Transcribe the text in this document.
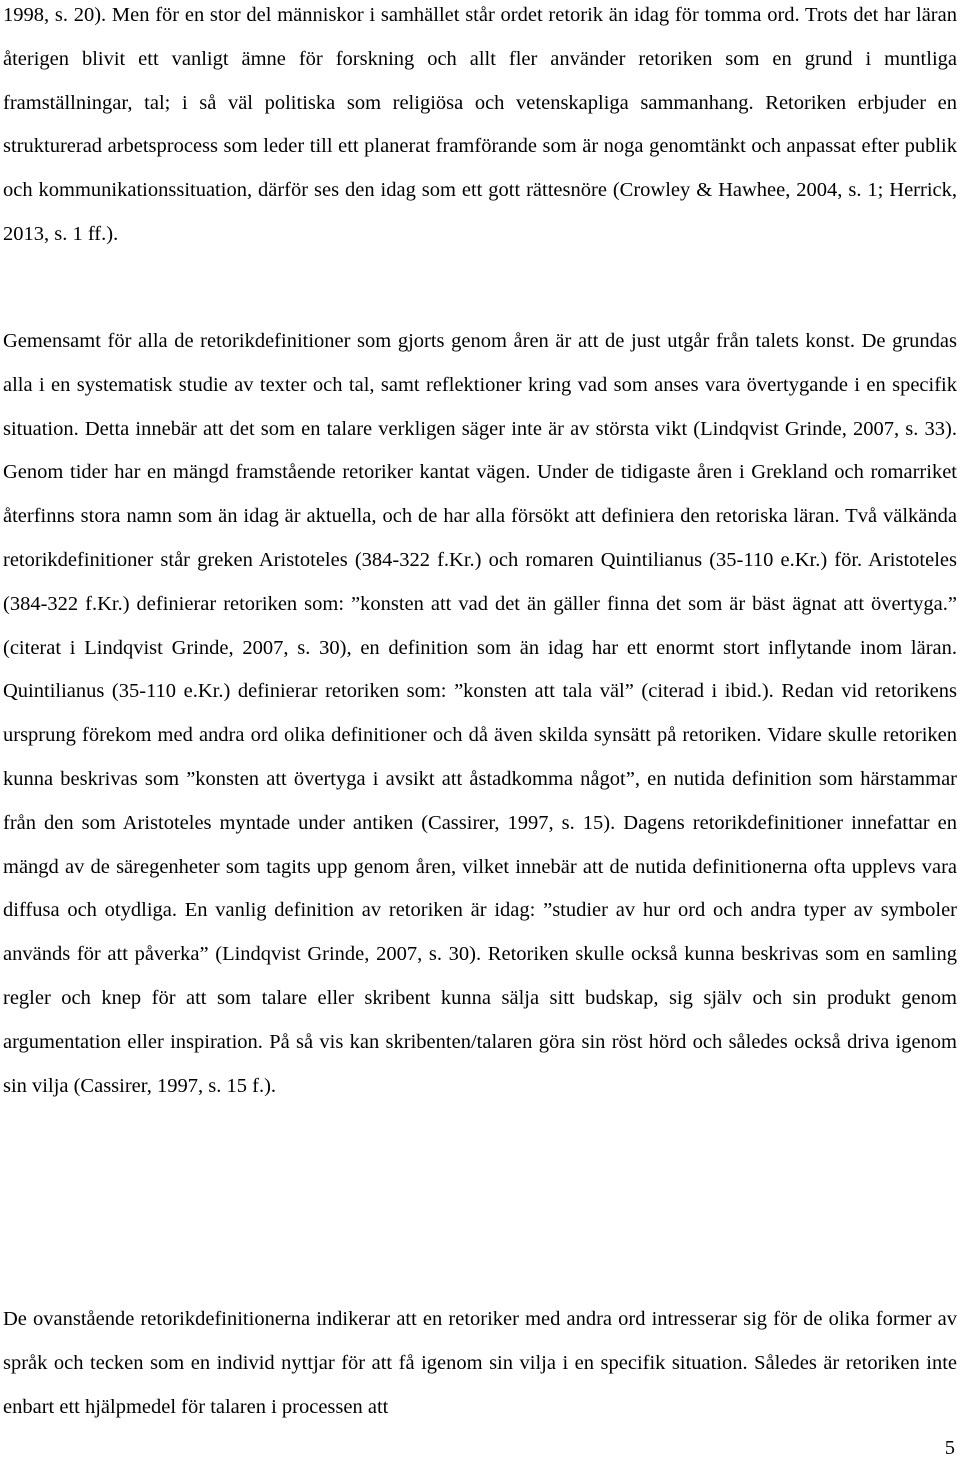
1998, s. 20). Men för en stor del människor i samhället står ordet retorik än idag för tomma ord. Trots det har läran återigen blivit ett vanligt ämne för forskning och allt fler använder retoriken som en grund i muntliga framställningar, tal; i så väl politiska som religiösa och vetenskapliga sammanhang. Retoriken erbjuder en strukturerad arbetsprocess som leder till ett planerat framförande som är noga genomtänkt och anpassat efter publik och kommunikationssituation, därför ses den idag som ett gott rättesnöre (Crowley & Hawhee, 2004, s. 1; Herrick, 2013, s. 1 ff.).

Gemensamt för alla de retorikdefinitioner som gjorts genom åren är att de just utgår från talets konst. De grundas alla i en systematisk studie av texter och tal, samt reflektioner kring vad som anses vara övertygande i en specifik situation. Detta innebär att det som en talare verkligen säger inte är av största vikt (Lindqvist Grinde, 2007, s. 33). Genom tider har en mängd framstående retoriker kantat vägen. Under de tidigaste åren i Grekland och romarriket återfinns stora namn som än idag är aktuella, och de har alla försökt att definiera den retoriska läran. Två välkända retorikdefinitioner står greken Aristoteles (384-322 f.Kr.) och romaren Quintilianus (35-110 e.Kr.) för. Aristoteles (384-322 f.Kr.) definierar retoriken som: ”konsten att vad det än gäller finna det som är bäst ägnat att övertyga.” (citerat i Lindqvist Grinde, 2007, s. 30), en definition som än idag har ett enormt stort inflytande inom läran. Quintilianus (35-110 e.Kr.) definierar retoriken som: ”konsten att tala väl” (citerad i ibid.). Redan vid retorikens ursprung förekom med andra ord olika definitioner och då även skilda synsätt på retoriken. Vidare skulle retoriken kunna beskrivas som ”konsten att övertyga i avsikt att åstadkomma något”, en nutida definition som härstammar från den som Aristoteles myntade under antiken (Cassirer, 1997, s. 15). Dagens retorikdefinitioner innefattar en mängd av de säregenheter som tagits upp genom åren, vilket innebär att de nutida definitionerna ofta upplevs vara diffusa och otydliga. En vanlig definition av retoriken är idag: ”studier av hur ord och andra typer av symboler används för att påverka” (Lindqvist Grinde, 2007, s. 30). Retoriken skulle också kunna beskrivas som en samling regler och knep för att som talare eller skribent kunna sälja sitt budskap, sig själv och sin produkt genom argumentation eller inspiration. På så vis kan skribenten/talaren göra sin röst hörd och således också driva igenom sin vilja (Cassirer, 1997, s. 15 f.).

De ovanstående retorikdefinitionerna indikerar att en retoriker med andra ord intresserar sig för de olika former av språk och tecken som en individ nyttjar för att få igenom sin vilja i en specifik situation. Således är retoriken inte enbart ett hjälpmedel för talaren i processen att

5
